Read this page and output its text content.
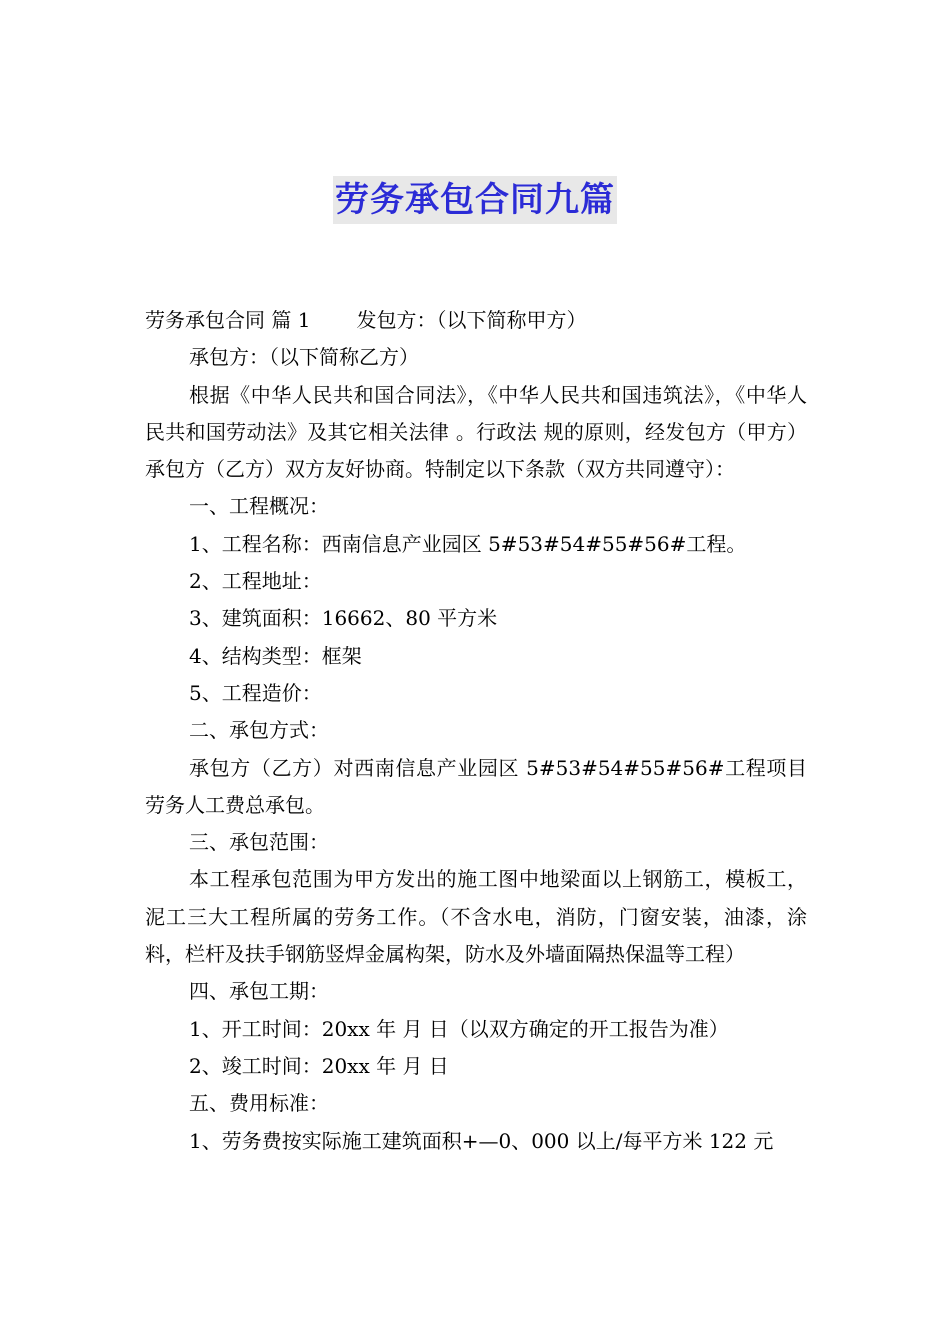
劳务承包合同九篇

劳务承包合同 篇 1 发包方：（以下简称甲方）

承包方：（以下简称乙方）

根据《中华人民共和国合同法》，《中华人民共和国违筑法》，《中华人民共和国劳动法》及其它相关法律 。行政法 规的原则，经发包方（甲方）承包方（乙方）双方友好协商。特制定以下条款（双方共同遵守）：

一、工程概况：

1、工程名称：西南信息产业园区 5#53#54#55#56#工程。

2、工程地址：

3、建筑面积：16662、80 平方米

4、结构类型：框架

5、工程造价：

二、承包方式：

承包方（乙方）对西南信息产业园区 5#53#54#55#56#工程项目劳务人工费总承包。

三、承包范围：

本工程承包范围为甲方发出的施工图中地梁面以上钢筋工，模板工，泥工三大工程所属的劳务工作。（不含水电，消防，门窗安装，油漆，涂料，栏杆及扶手钢筋竖焊金属构架，防水及外墙面隔热保温等工程）

四、承包工期：

1、开工时间：20xx 年 月 日（以双方确定的开工报告为准）

2、竣工时间：20xx 年 月 日

五、费用标准：

1、劳务费按实际施工建筑面积+—0、000 以上/每平方米 122 元
